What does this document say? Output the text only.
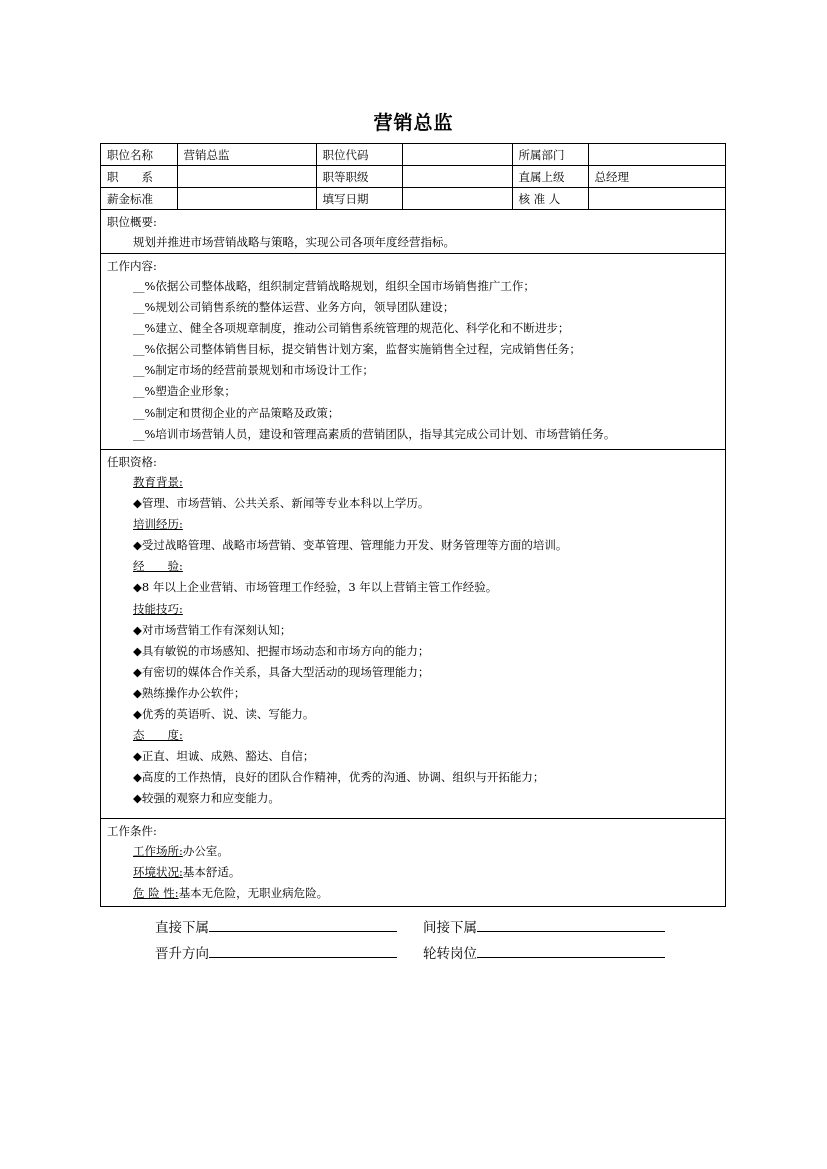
营销总监
职位名称	营销总监	职位代码		所属部门	
职　　系		职等职级		直属上级	总经理
薪金标准		填写日期		核 准 人	
职位概要:
规划并推进市场营销战略与策略，实现公司各项年度经营指标。
工作内容:
__%依据公司整体战略，组织制定营销战略规划，组织全国市场销售推广工作；
__%规划公司销售系统的整体运营、业务方向，领导团队建设；
__%建立、健全各项规章制度，推动公司销售系统管理的规范化、科学化和不断进步；
__%依据公司整体销售目标，提交销售计划方案，监督实施销售全过程，完成销售任务；
__%制定市场的经营前景规划和市场设计工作；
__%塑造企业形象；
__%制定和贯彻企业的产品策略及政策；
__%培训市场营销人员，建设和管理高素质的营销团队，指导其完成公司计划、市场营销任务。
任职资格:
教育背景:
◆管理、市场营销、公共关系、新闻等专业本科以上学历。
培训经历:
◆受过战略管理、战略市场营销、变革管理、管理能力开发、财务管理等方面的培训。
经　　验:
◆8 年以上企业营销、市场管理工作经验，3 年以上营销主管工作经验。
技能技巧:
◆对市场营销工作有深刻认知；
◆具有敏锐的市场感知、把握市场动态和市场方向的能力；
◆有密切的媒体合作关系，具备大型活动的现场管理能力；
◆熟练操作办公软件；
◆优秀的英语听、说、读、写能力。
态　　度:
◆正直、坦诚、成熟、豁达、自信；
◆高度的工作热情，良好的团队合作精神，优秀的沟通、协调、组织与开拓能力；
◆较强的观察力和应变能力。
工作条件:
工作场所:办公室。
环境状况:基本舒适。
危 险 性:基本无危险，无职业病危险。
直接下属	间接下属
晋升方向	轮转岗位
